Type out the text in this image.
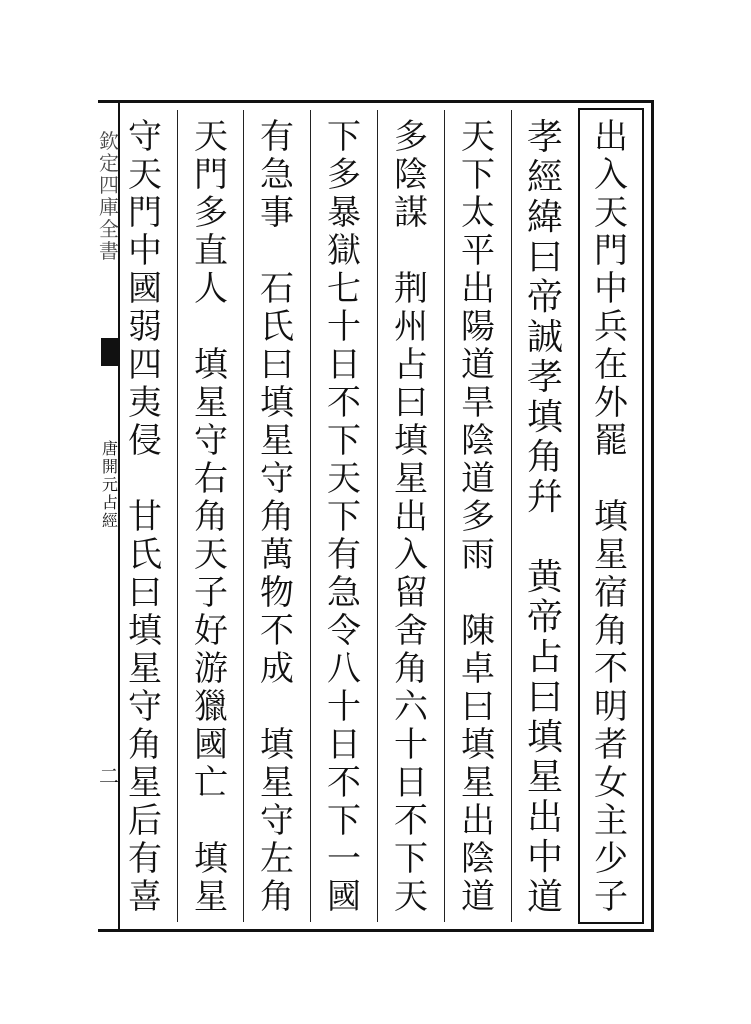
欽
定
四
庫
全
書
唐
開
元
占
經
二
出
入
天
門
中
兵
在
外
罷

填
星
宿
角
不
明
者
女
主
少
子
孝
經
緯
曰
帝
誠
孝
填
角
幷

黄
帝
占
曰
填
星
出
中
道
天
下
太
平
出
陽
道
旱
陰
道
多
雨

陳
卓
曰
填
星
出
陰
道
多
陰
謀

荆
州
占
曰
填
星
出
入
留
舍
角
六
十
日
不
下
天
下
多
暴
獄
七
十
日
不
下
天
下
有
急
令
八
十
日
不
下
一
國
有
急
事

石
氏
曰
填
星
守
角
萬
物
不
成

填
星
守
左
角
天
門
多
直
人

填
星
守
右
角
天
子
好
游
獵
國
亡

填
星
守
天
門
中
國
弱
四
夷
侵

甘
氏
曰
填
星
守
角
星
后
有
喜
